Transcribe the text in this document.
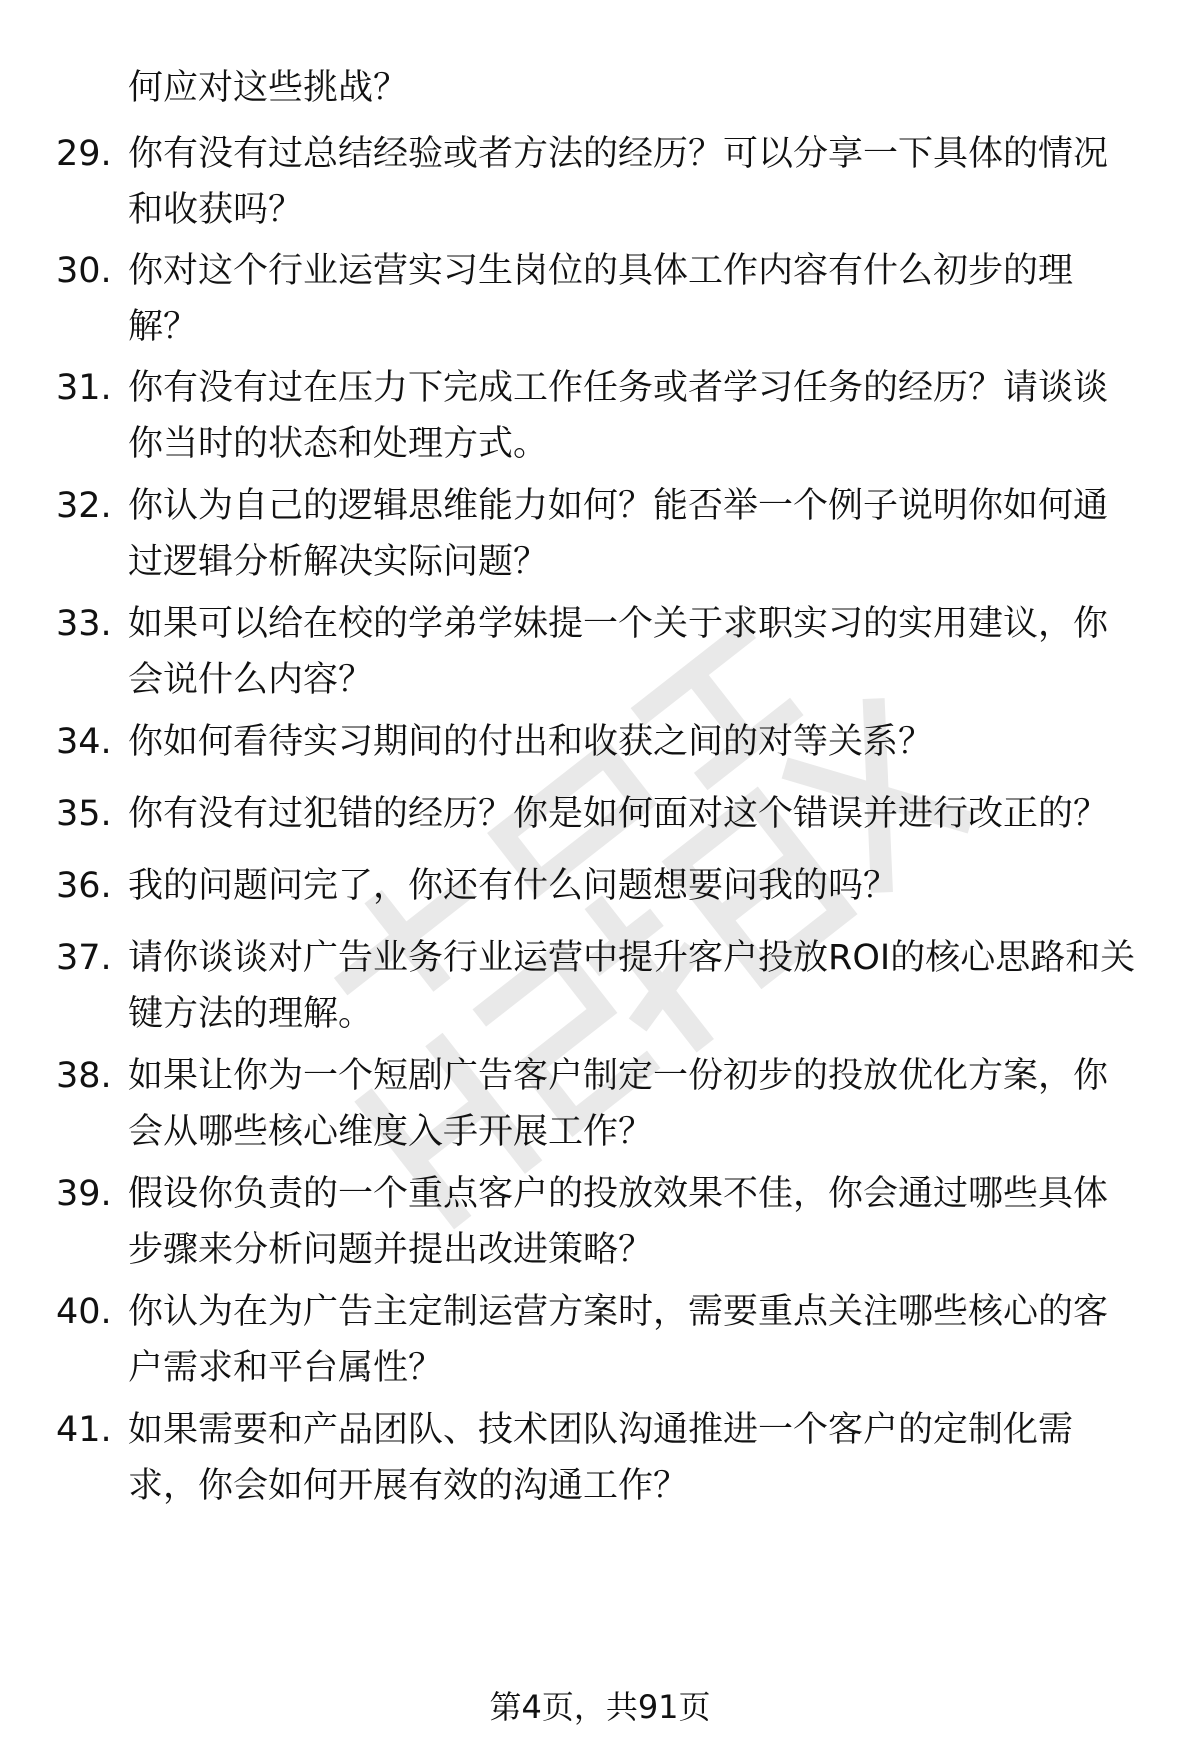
何应对这些挑战？
29. 你有没有过总结经验或者方法的经历？可以分享一下具体的情况和收获吗？
30. 你对这个行业运营实习生岗位的具体工作内容有什么初步的理解？
31. 你有没有过在压力下完成工作任务或者学习任务的经历？请谈谈你当时的状态和处理方式。
32. 你认为自己的逻辑思维能力如何？能否举一个例子说明你如何通过逻辑分析解决实际问题？
33. 如果可以给在校的学弟学妹提一个关于求职实习的实用建议，你会说什么内容？
34. 你如何看待实习期间的付出和收获之间的对等关系？
35. 你有没有过犯错的经历？你是如何面对这个错误并进行改正的？
36. 我的问题问完了，你还有什么问题想要问我的吗？
37. 请你谈谈对广告业务行业运营中提升客户投放ROI的核心思路和关键方法的理解。
38. 如果让你为一个短剧广告客户制定一份初步的投放优化方案，你会从哪些核心维度入手开展工作？
39. 假设你负责的一个重点客户的投放效果不佳，你会通过哪些具体步骤来分析问题并提出改进策略？
40. 你认为在为广告主定制运营方案时，需要重点关注哪些核心的客户需求和平台属性？
41. 如果需要和产品团队、技术团队沟通推进一个客户的定制化需求，你会如何开展有效的沟通工作？
第4页，共91页
